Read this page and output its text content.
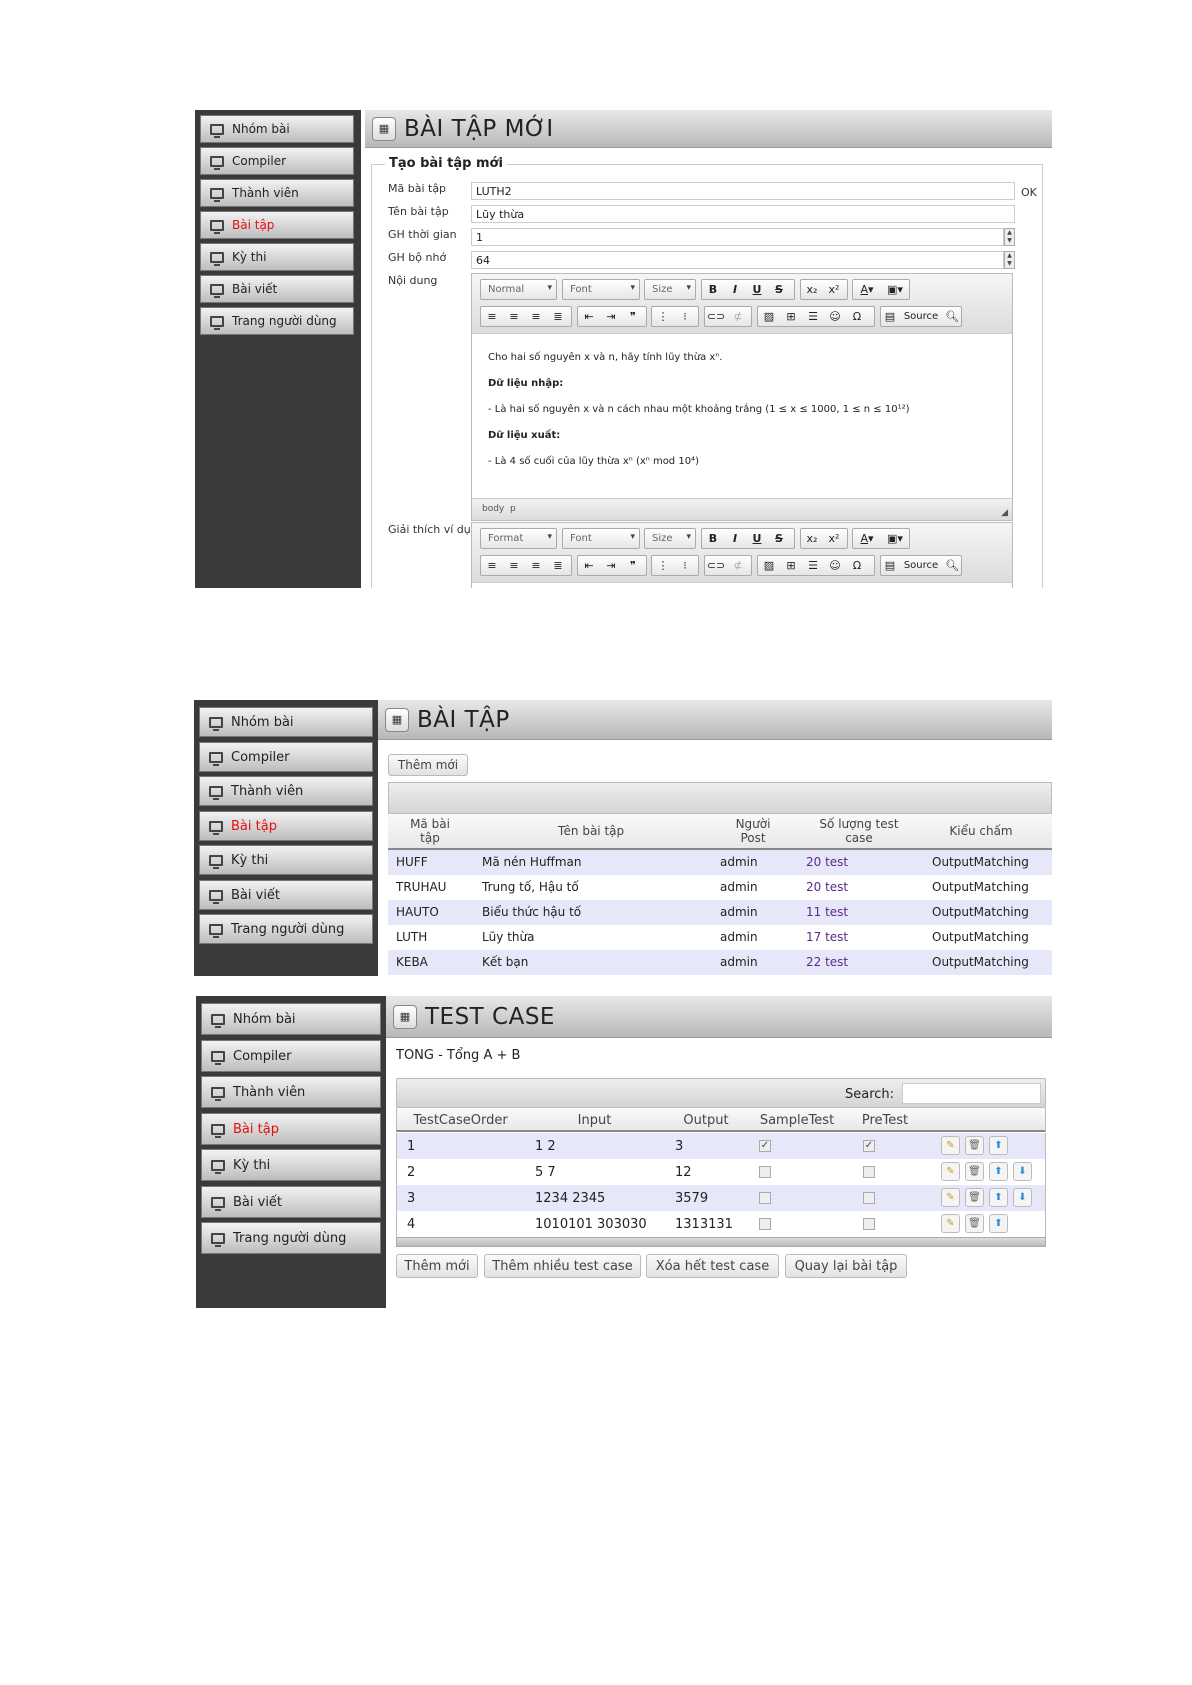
Nhóm bài
Compiler
Thành viên
Bài tập
Kỳ thi
Bài viết
Trang người dùng
▦ BÀI TẬP MỚI
Tạo bài tập mới
Mã bài tập	LUTH2	OK
Tên bài tập	Lũy thừa
GH thời gian	1	▲
▼
GH bộ nhớ	64	▲
▼
Nội dung
Normal ▾	Font ▾	Size ▾	B	I	U	S	x₂	x²	A▾	▣▾
≡	≡	≡	≣	⇤	⇥	❞	⋮	⁝	⊂⊃ ⊄	▨	⊞	☰	☺	Ω	▤ Source 🔍︎

Cho hai số nguyên x và n, hãy tính lũy thừa xⁿ.

Dữ liệu nhập:

- Là hai số nguyên x và n cách nhau một khoảng trắng (1 ≤ x ≤ 1000, 1 ≤ n ≤ 10¹²)

Dữ liệu xuất:

- Là 4 số cuối của lũy thừa xⁿ (xⁿ mod 10⁴)

body  p	◢
Giải thích ví dụ
Format ▾	Font ▾	Size ▾	B	I	U	S	x₂	x²	A▾	▣▾
≡	≡	≡	≣	⇤	⇥	❞	⋮	⁝	⊂⊃ ⊄	▨	⊞	☰	☺	Ω	▤ Source 🔍︎
Nhóm bài
Compiler
Thành viên
Bài tập
Kỳ thi
Bài viết
Trang người dùng
▦ BÀI TẬP
Thêm mới
Mã bài
tập	Tên bài tập	Người
Post
Số lượng test
case	Kiểu chấm
HUFF	Mã nén Huffman	admin	20 test	OutputMatching
TRUHAU	Trung tố, Hậu tố	admin	20 test	OutputMatching
HAUTO	Biểu thức hậu tố	admin	11 test	OutputMatching
LUTH	Lũy thừa	admin	17 test	OutputMatching
KEBA	Kết bạn	admin	22 test	OutputMatching
Nhóm bài
Compiler
Thành viên
Bài tập
Kỳ thi
Bài viết
Trang người dùng
▦ TEST CASE
TONG - Tổng A + B
Search:
TestCaseOrder	Input	Output	SampleTest	PreTest
1	1 2	3	✓	✓	✎	🗑︎	⬆
2	5 7	12	✎	🗑︎	⬆	⬇
3	1234 2345	3579	✎	🗑︎	⬆	⬇
4	1010101 303030 1313131	✎	🗑︎	⬆
Thêm mới	Thêm nhiều test case	Xóa hết test case	Quay lại bài tập
